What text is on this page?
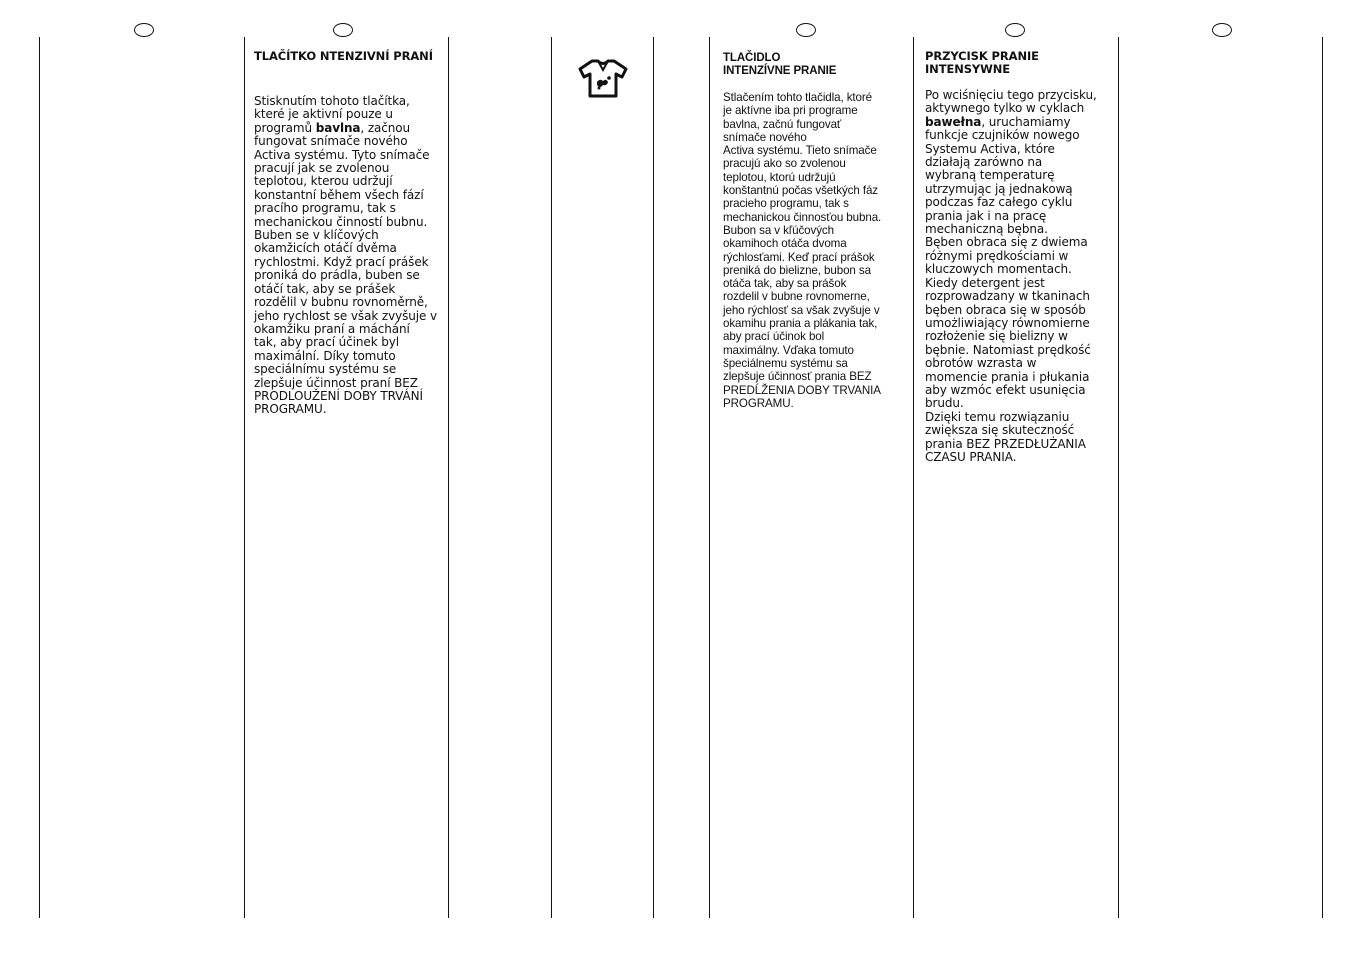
TLAČÍTKO NTENZIVNÍ PRANÍ

Stisknutím tohoto tlačítka,
které je aktivní pouze u
programů bavlna, začnou
fungovat snímače nového
Activa systému. Tyto snímače
pracují jak se zvolenou
teplotou, kterou udržují
konstantní během všech fází
pracího programu, tak s
mechanickou činností bubnu.
Buben se v klíčových
okamžicích otáčí dvěma
rychlostmi. Když prací prášek
proniká do prádla, buben se
otáčí tak, aby se prášek
rozdělil v bubnu rovnoměrně,
jeho rychlost se však zvyšuje v
okamžiku praní a máchání
tak, aby prací účinek byl
maximální. Díky tomuto
speciálnímu systému se
zlepšuje účinnost praní BEZ
PRODLOUŽENÍ DOBY TRVÁNÍ
PROGRAMU.

TLAČIDLO
INTENZÍVNE PRANIE

Stlačením tohto tlačidla, ktoré
je aktívne iba pri programe
bavlna, začnú fungovať
snímače nového
Activa systému. Tieto snímače
pracujú ako so zvolenou
teplotou, ktorú udržujú
konštantnú počas všetkých fáz
pracieho programu, tak s
mechanickou činnosťou bubna.
Bubon sa v kľúčových
okamihoch otáča dvoma
rýchlosťami. Keď prací prášok
preniká do bielizne, bubon sa
otáča tak, aby sa prášok
rozdelil v bubne rovnomerne,
jeho rýchlosť sa však zvyšuje v
okamihu prania a plákania tak,
aby prací účinok bol
maximálny. Vďaka tomuto
špeciálnemu systému sa
zlepšuje účinnosť prania BEZ
PREDĹŽENIA DOBY TRVANIA
PROGRAMU.

PRZYCISK PRANIE
INTENSYWNE

Po wciśnięciu tego przycisku,
aktywnego tylko w cyklach
bawełna, uruchamiamy
funkcje czujników nowego
Systemu Activa, które
działają zarówno na
wybraną temperaturę
utrzymując ją jednakową
podczas faz całego cyklu
prania jak i na pracę
mechaniczną bębna.
Bęben obraca się z dwiema
różnymi prędkościami w
kluczowych momentach.
Kiedy detergent jest
rozprowadzany w tkaninach
bęben obraca się w sposób
umożliwiający równomierne
rozłożenie się bielizny w
bębnie. Natomiast prędkość
obrotów wzrasta w
momencie prania i płukania
aby wzmóc efekt usunięcia
brudu.
Dzięki temu rozwiązaniu
zwiększa się skuteczność
prania BEZ PRZEDŁUŻANIA
CZASU PRANIA.
